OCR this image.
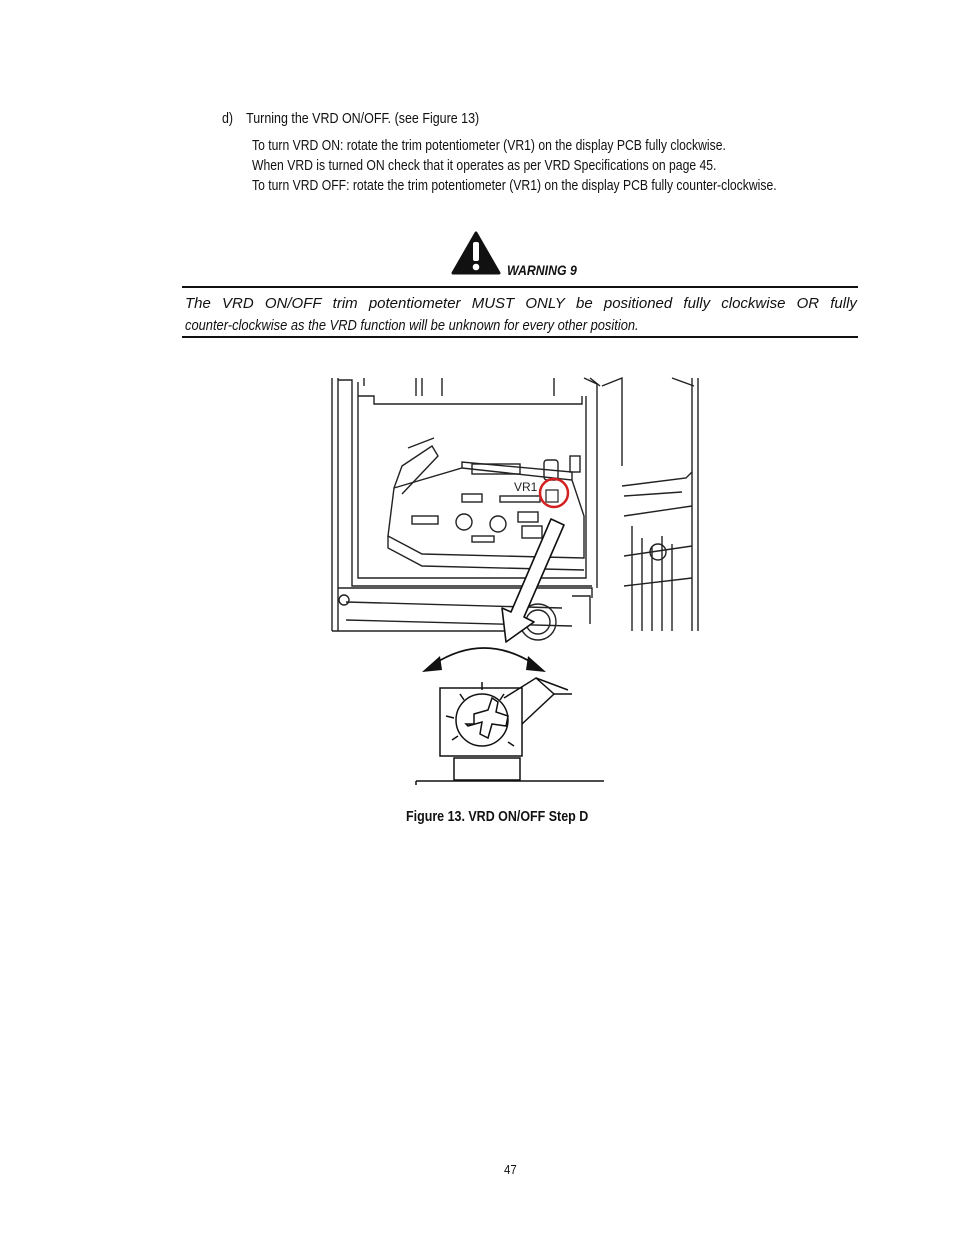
d) Turning the VRD ON/OFF. (see Figure 13)
To turn VRD ON: rotate the trim potentiometer (VR1) on the display PCB fully clockwise.
When VRD is turned ON check that it operates as per VRD Specifications on page 45.
To turn VRD OFF: rotate the trim potentiometer (VR1) on the display PCB fully counter-clockwise.
WARNING 9
The VRD ON/OFF trim potentiometer MUST ONLY be positioned fully clockwise OR fully
counter-clockwise as the VRD function will be unknown for every other position.
VR1
Figure 13. VRD ON/OFF Step D
47
